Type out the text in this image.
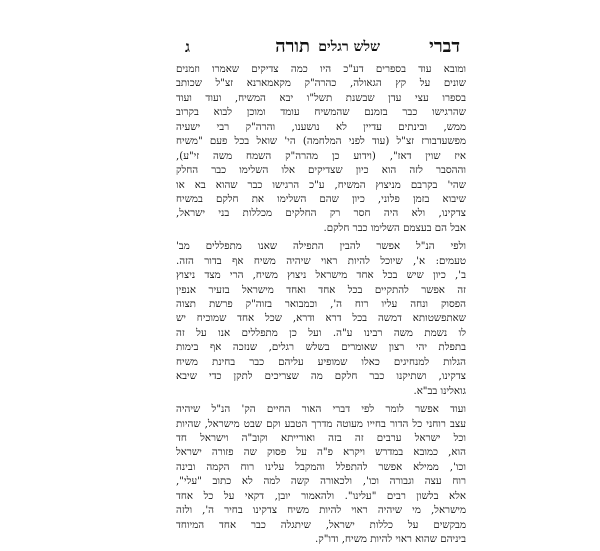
דברי
שלש רגלים
תורה
ג
ומובא עוד בספרים דע"כ היו כמה צדיקים שאמרו וזמנים
שונים על קץ הגאולה, כהרה"ק מקאמארנא זצ"ל שכותב
בספרו עצי עדן שבשנת תשל"ו יבא המשיח, ועוד ועוד
שהרגישו כבר בזמנם שהמשיח עומד ומוכן לבוא בקרוב
ממש, ובינתים עדיין לא נושענו, והרה"ק רבי ישעיה
מפשעדבורז זצ"ל (עוד לפני המלחמה) הי' שואל בכל פעם "משיח
איז שוין דאז", (וידוע כן מהרה"ק השמח משה זי"ע),
וההסבר לזה הוא כיון שצדיקים אלו השלימו כבר החלק
שהי' בקרבם מניצוץ המשיח, ע"כ הרגישו כבר שהוא בא או
שיבוא בזמן פלוני, כיון שהם השלימו את חלקם במשיח
צדקינו, ולא היה חסר רק החלקים מכללות בני ישראל,
אבל הם בעצמם השלימו כבר חלקם.
ולפי הנ"ל אפשר להבין התפילה שאנו מתפללים מב'
טעמים: א', שיוכל להיות ראוי שיהיה משיח אף בדור הזה.
ב', כיון שיש בכל אחד מישראל ניצוץ משיח, הרי מצד ניצוץ
זה אפשר להתקיים בכל אחד ואחד מישראל בזעיר אנפין
הפסוק ונחה עליו רוח ה', וכמבואר בזוה"ק פרשת תצוה
שאתפשטותא דמשה בכל דרא ודרא, שכל אחד שמוכיח יש
לו נשמת משה רבינו ע"ה. ועל כן מתפללים אנו על זה
בתפלת יהי רצון שאומרים בשלש רגלים, שנזכה אף בימות
הגלות למנחיגים כאלו שמופיע עליהם כבר בחינת משיח
צדקינו, ושתיקנו כבר חלקם מה שצריכים לתקן כדי שיבא
גואלינו בב"א.
ועוד אפשר לומר לפי דברי האור החיים הק' הנ"ל שיהיה
עצב רוחני כל הדור בחייו מעוטה מדרך הטבע וקם שבט מישראל, שהיות
וכל ישראל ערבים זה בזה ואורייתא וקוב"ה וישראל חד
הוא, כמובא במדרש ויקרא פ"ה על פסוק שה פזורה ישראל
וכו', ממילא אפשר להתפלל והמקבל עלינו רוח הקמה ובינה
רוח עצה וגבורה וכו', ולכאורה קשה למה לא כתוב "עלי",
אלא בלשון רבים "עלינו". ולהאמור יובן, דקאי על כל אחד
מישראל, מי שיהיה ראוי להיות משיח צדקינו בחיר ה', ולזה
מבקשים על כללות ישראל, שיתגלה כבר אחד המיוחד
ביניהם שהוא ראוי להיות משיח, ודו"ק.
